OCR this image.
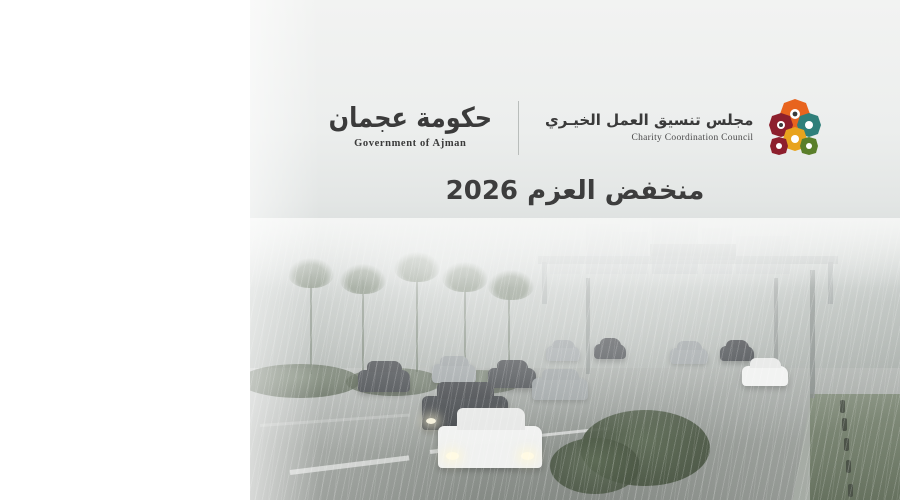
حكومة عجمان
Government of Ajman
مجلس تنسيق العمل الخيـري
Charity Coordination Council
منخفض العزم 2026
